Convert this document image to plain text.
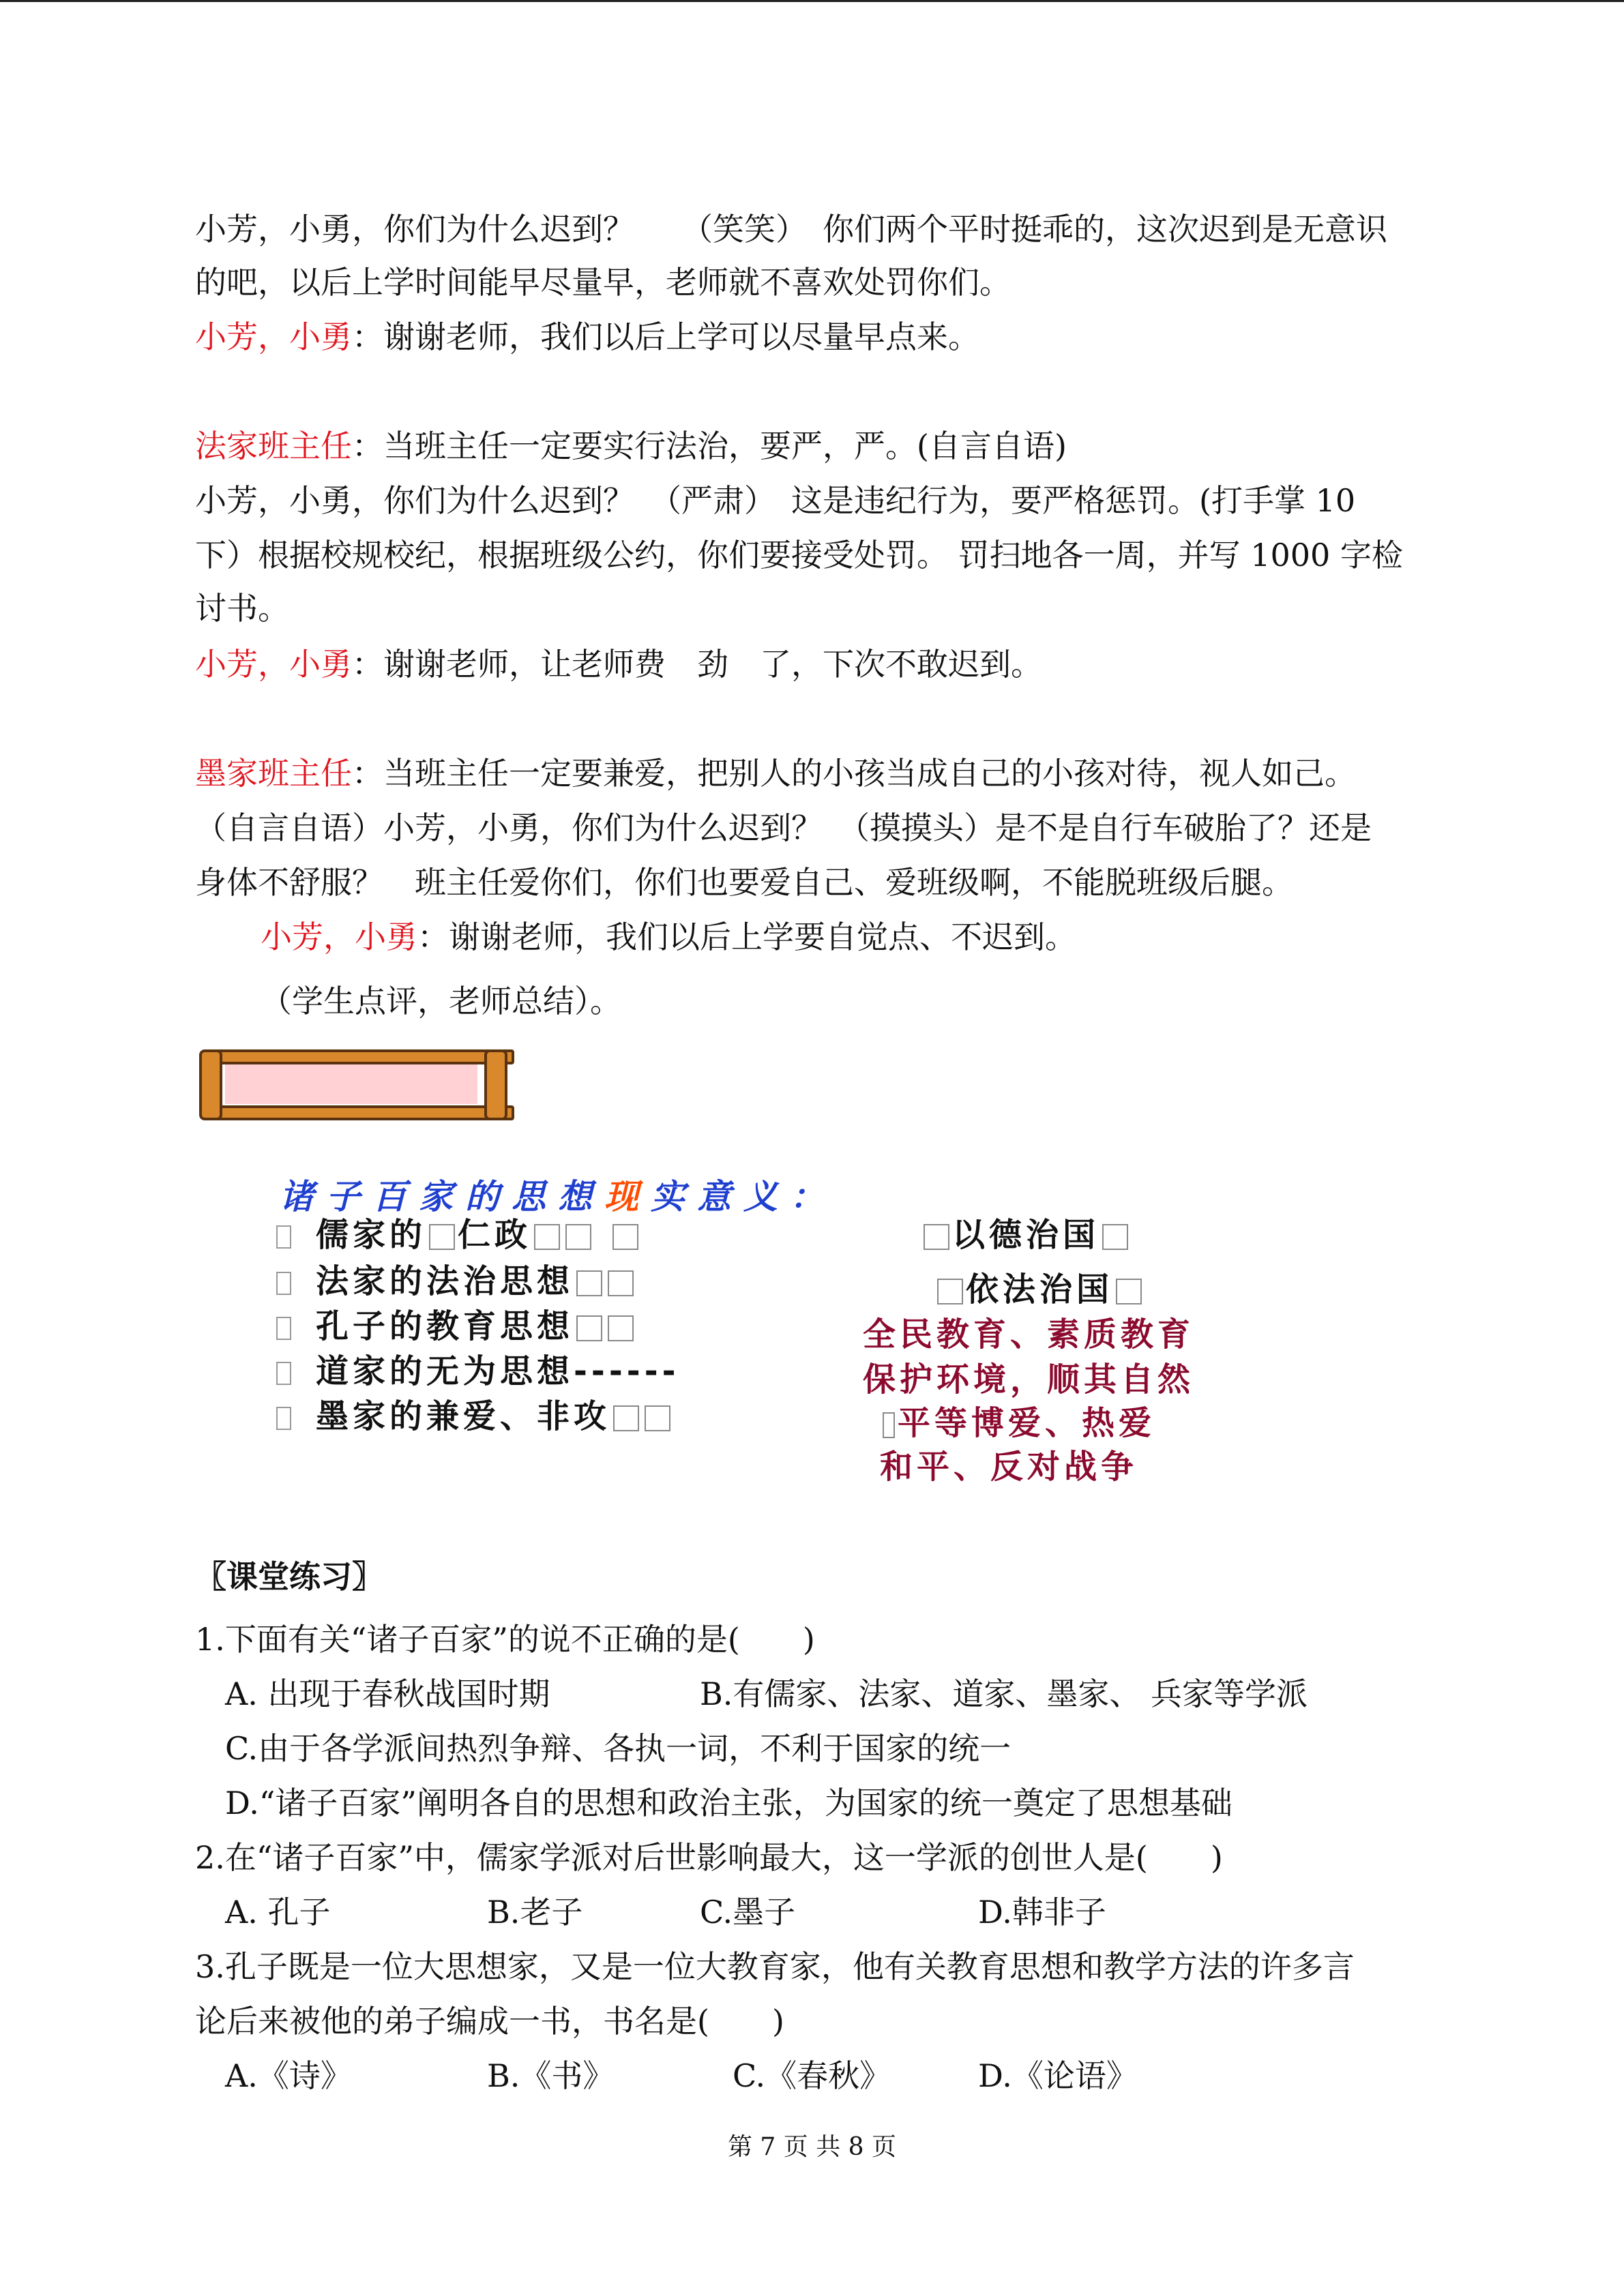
小芳，小勇，你们为什么迟到？　　（笑笑）　你们两个平时挺乖的，这次迟到是无意识
的吧，以后上学时间能早尽量早，老师就不喜欢处罚你们。
小芳，小勇：谢谢老师，我们以后上学可以尽量早点来。
法家班主任：当班主任一定要实行法治，要严，严。(自言自语)
小芳，小勇，你们为什么迟到？　（严肃）　这是违纪行为，要严格惩罚。(打手掌 10
下）根据校规校纪，根据班级公约，你们要接受处罚。 罚扫地各一周，并写 1000 字检
讨书。
小芳，小勇：谢谢老师，让老师费　劲　了，下次不敢迟到。
墨家班主任：当班主任一定要兼爱，把别人的小孩当成自己的小孩对待，视人如己。
（自言自语）小芳，小勇，你们为什么迟到？　（摸摸头）是不是自行车破胎了？还是
身体不舒服？　班主任爱你们，你们也要爱自己、爱班级啊，不能脱班级后腿。
小芳，小勇：谢谢老师，我们以后上学要自觉点、不迟到。
（学生点评，老师总结）。
诸子百家的思想现实意义：
儒家的 仁政
法家的法治思想
孔子的教育思想
道家的无为思想------
墨家的兼爱、非攻
以德治国
依法治国
全民教育、素质教育
保护环境，顺其自然
平等博爱、热爱
和平、反对战争
〖课堂练习〗
1.下面有关“诸子百家”的说不正确的是(　　)
A. 出现于春秋战国时期	B.有儒家、法家、道家、墨家、 兵家等学派
C.由于各学派间热烈争辩、各执一词，不利于国家的统一
D.“诸子百家”阐明各自的思想和政治主张，为国家的统一奠定了思想基础
2.在“诸子百家”中，儒家学派对后世影响最大，这一学派的创世人是(　　)
A. 孔子	B.老子	C.墨子	D.韩非子
3.孔子既是一位大思想家，又是一位大教育家，他有关教育思想和教学方法的许多言
论后来被他的弟子编成一书，书名是(　　)
A.《诗》	B.《书》	C.《春秋》	D.《论语》
第 7 页 共 8 页
